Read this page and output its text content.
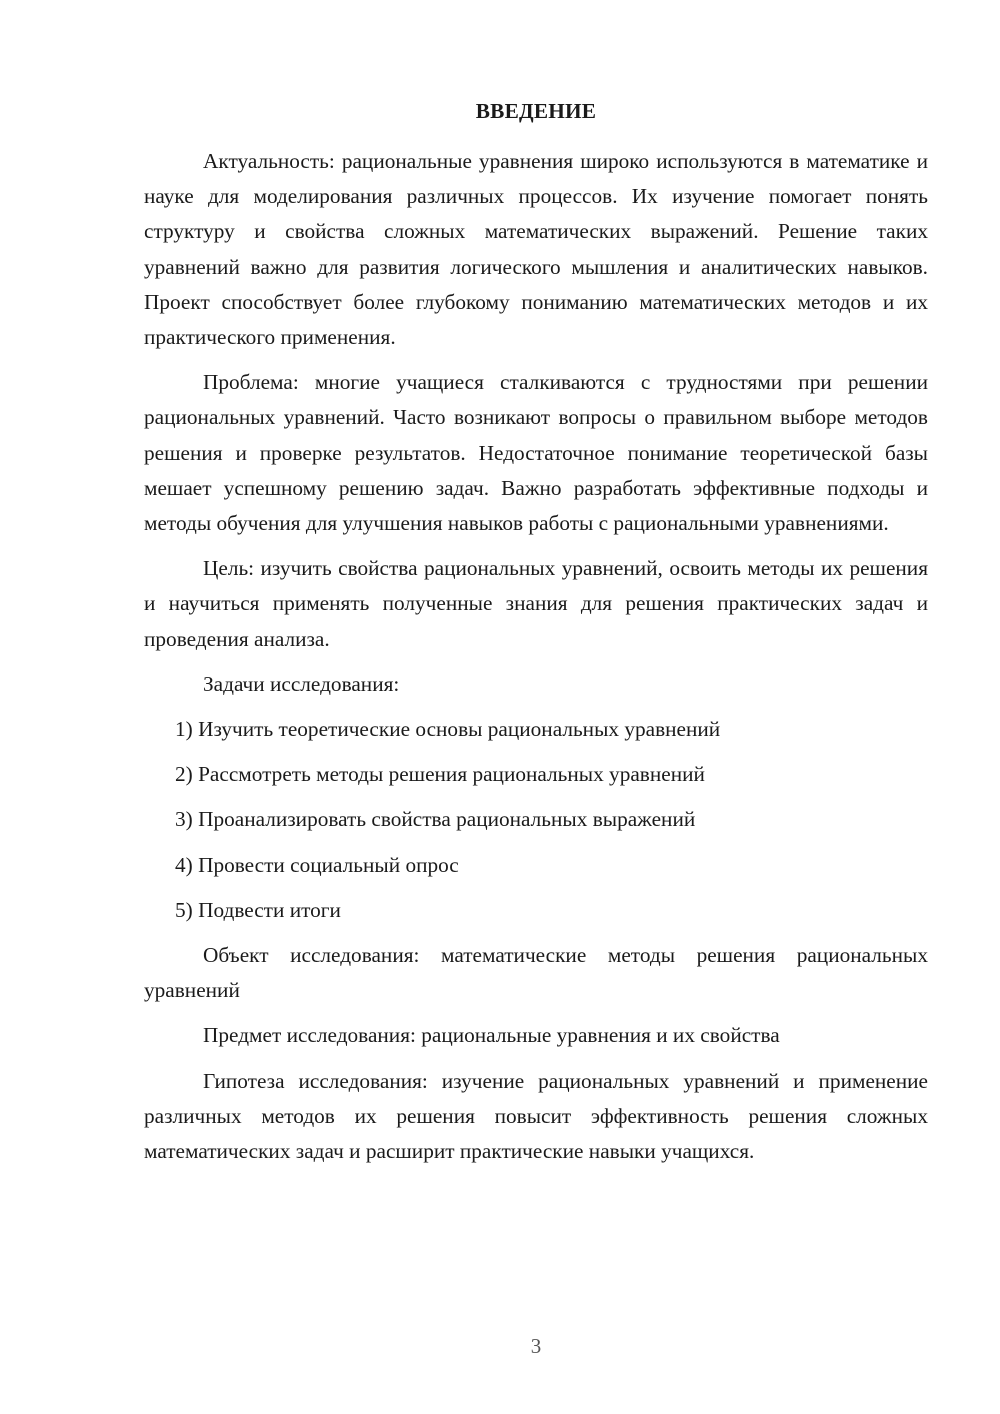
ВВЕДЕНИЕ

Актуальность: рациональные уравнения широко используются в математике и науке для моделирования различных процессов. Их изучение помогает понять структуру и свойства сложных математических выражений. Решение таких уравнений важно для развития логического мышления и аналитических навыков. Проект способствует более глубокому пониманию математических методов и их практического применения.

Проблема: многие учащиеся сталкиваются с трудностями при решении рациональных уравнений. Часто возникают вопросы о правильном выборе методов решения и проверке результатов. Недостаточное понимание теоретической базы мешает успешному решению задач. Важно разработать эффективные подходы и методы обучения для улучшения навыков работы с рациональными уравнениями.

Цель: изучить свойства рациональных уравнений, освоить методы их решения и научиться применять полученные знания для решения практических задач и проведения анализа.

Задачи исследования:

1) Изучить теоретические основы рациональных уравнений
2) Рассмотреть методы решения рациональных уравнений
3) Проанализировать свойства рациональных выражений
4) Провести социальный опрос
5) Подвести итоги

Объект исследования: математические методы решения рациональных уравнений

Предмет исследования: рациональные уравнения и их свойства

Гипотеза исследования: изучение рациональных уравнений и применение различных методов их решения повысит эффективность решения сложных математических задач и расширит практические навыки учащихся.

3
